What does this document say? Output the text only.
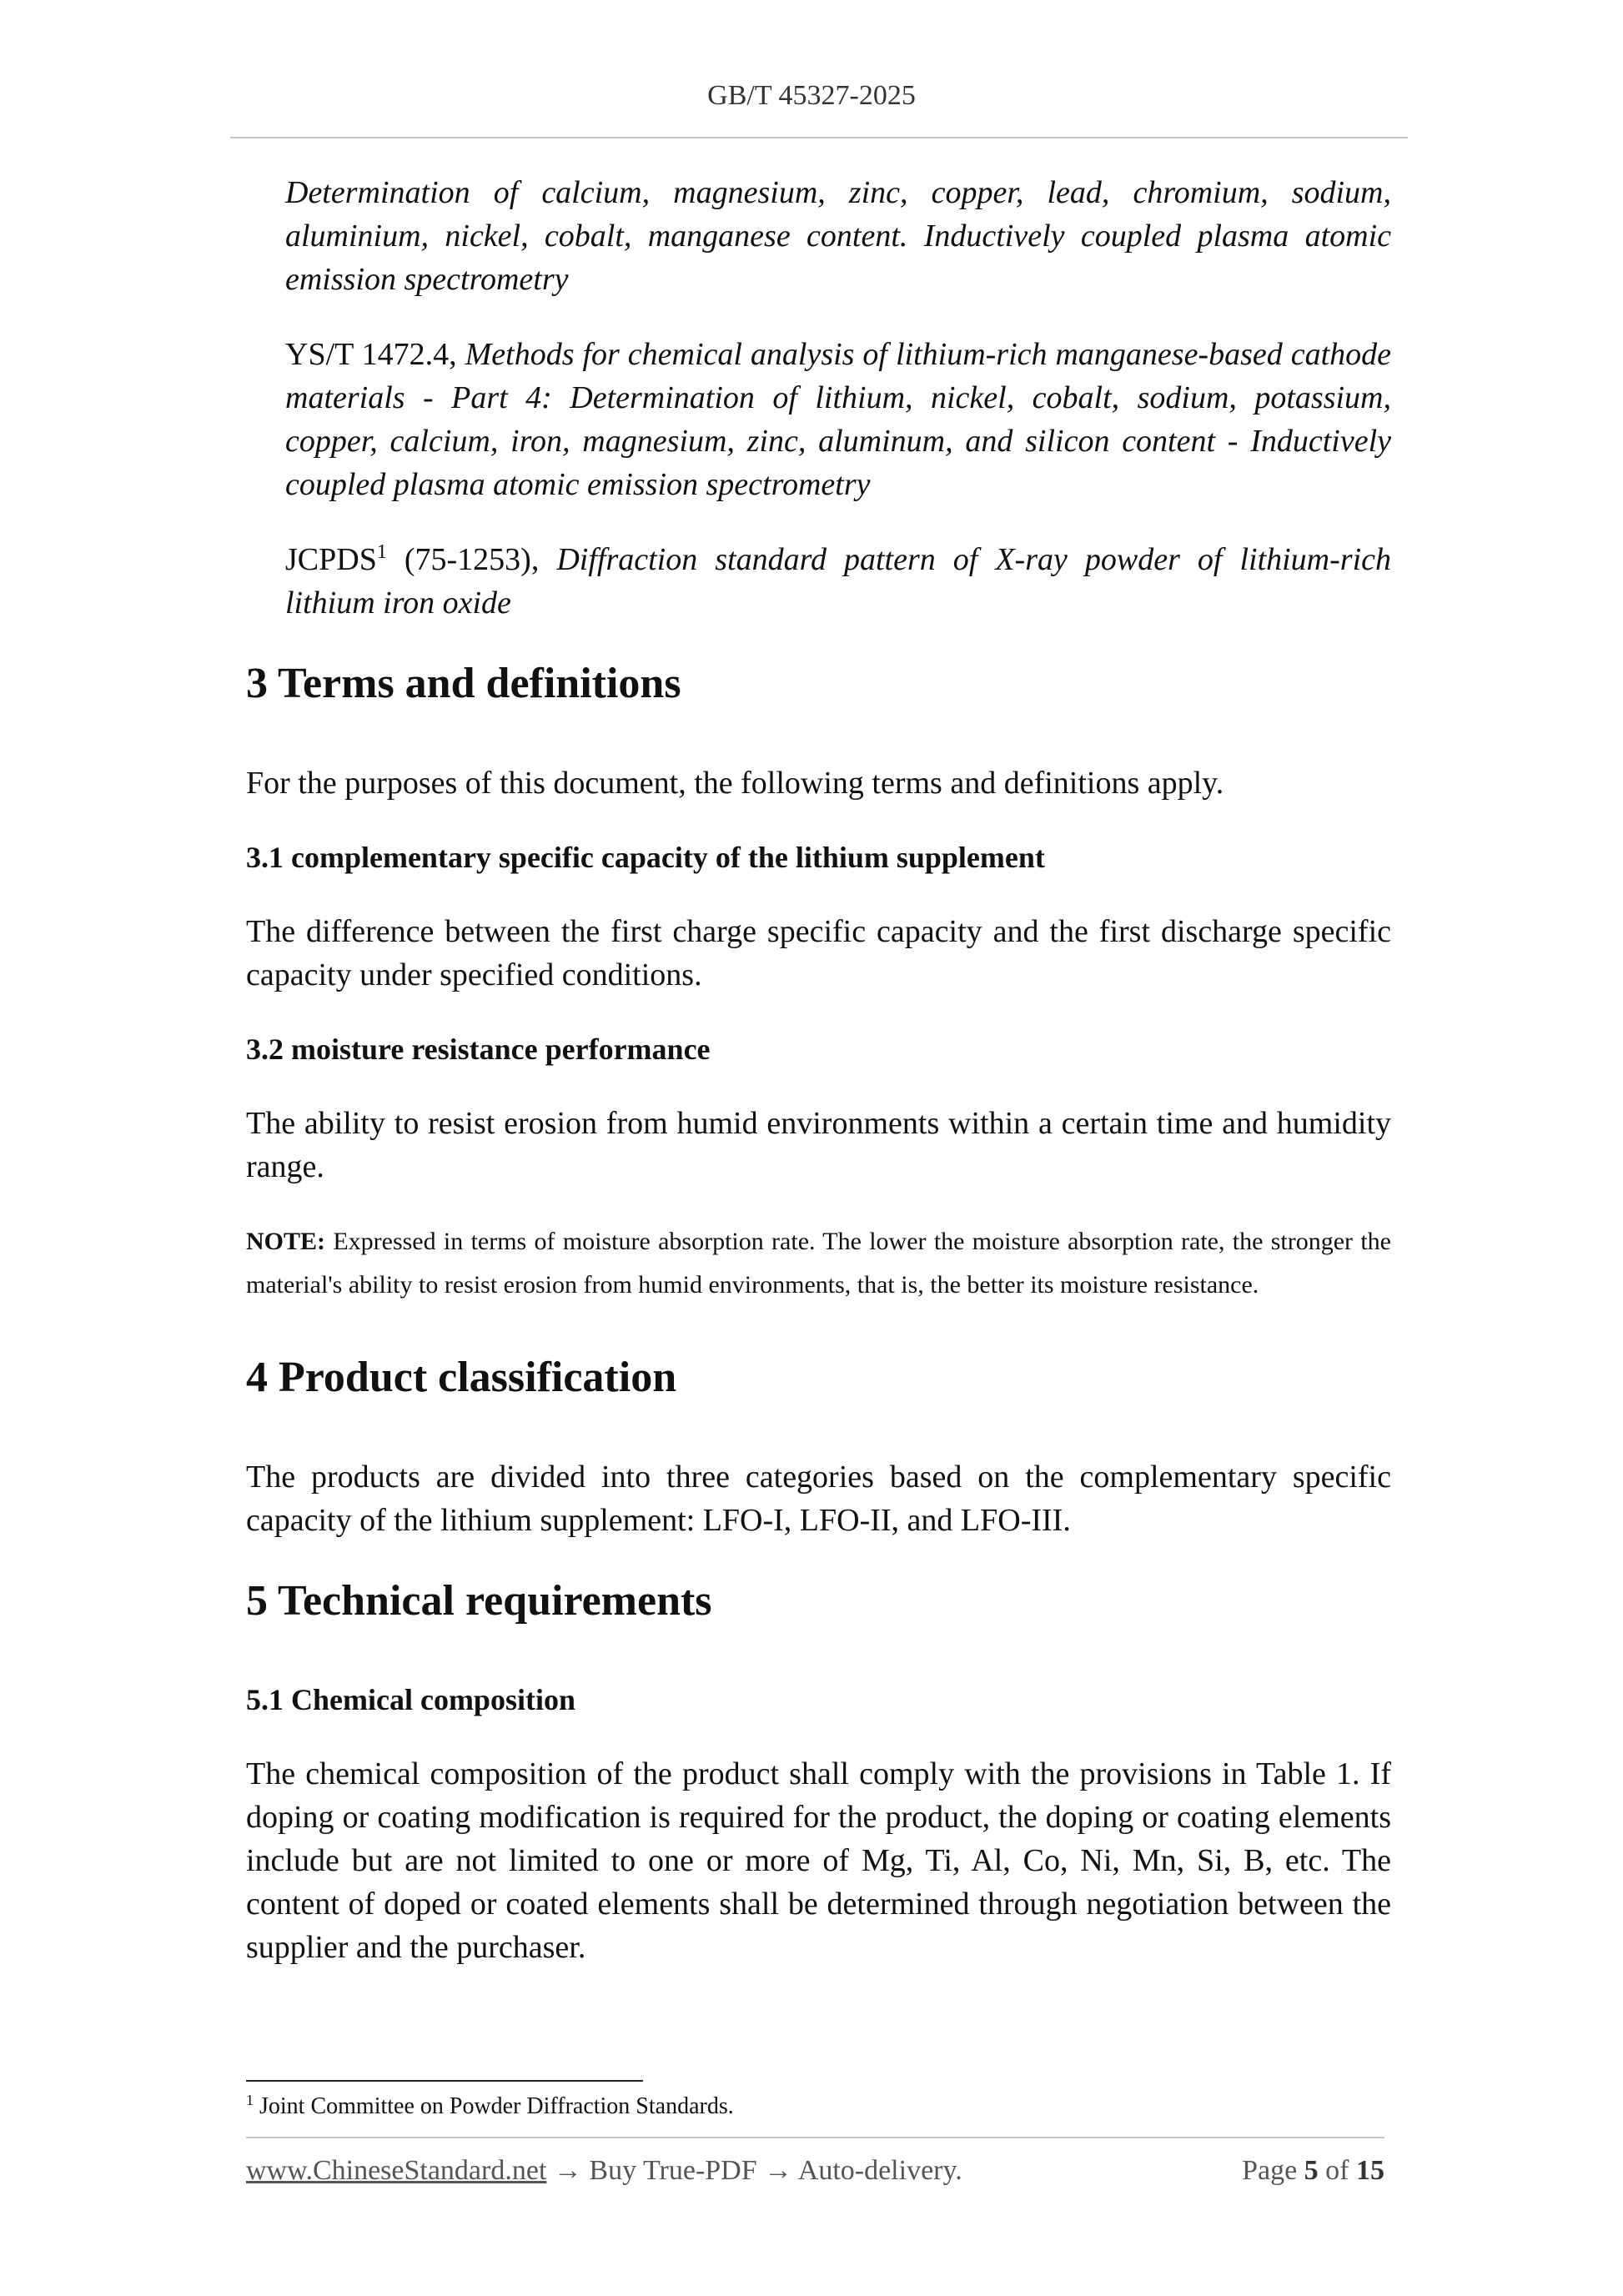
GB/T 45327-2025

Determination of calcium, magnesium, zinc, copper, lead, chromium, sodium, aluminium, nickel, cobalt, manganese content. Inductively coupled plasma atomic emission spectrometry

YS/T 1472.4, Methods for chemical analysis of lithium-rich manganese-based cathode materials - Part 4: Determination of lithium, nickel, cobalt, sodium, potassium, copper, calcium, iron, magnesium, zinc, aluminum, and silicon content - Inductively coupled plasma atomic emission spectrometry

JCPDS$^1$ (75-1253), Diffraction standard pattern of X-ray powder of lithium-rich lithium iron oxide

3 Terms and definitions

For the purposes of this document, the following terms and definitions apply.

3.1 complementary specific capacity of the lithium supplement

The difference between the first charge specific capacity and the first discharge specific capacity under specified conditions.

3.2 moisture resistance performance

The ability to resist erosion from humid environments within a certain time and humidity range.

NOTE: Expressed in terms of moisture absorption rate. The lower the moisture absorption rate, the stronger the material's ability to resist erosion from humid environments, that is, the better its moisture resistance.

4 Product classification

The products are divided into three categories based on the complementary specific capacity of the lithium supplement: LFO-I, LFO-II, and LFO-III.

5 Technical requirements
5.1 Chemical composition

The chemical composition of the product shall comply with the provisions in Table 1. If doping or coating modification is required for the product, the doping or coating elements include but are not limited to one or more of Mg, Ti, Al, Co, Ni, Mn, Si, B, etc. The content of doped or coated elements shall be determined through negotiation between the supplier and the purchaser.

$^1$ Joint Committee on Powder Diffraction Standards.
www.ChineseStandard.net → Buy True-PDF → Auto-delivery.	Page 5 of 15
